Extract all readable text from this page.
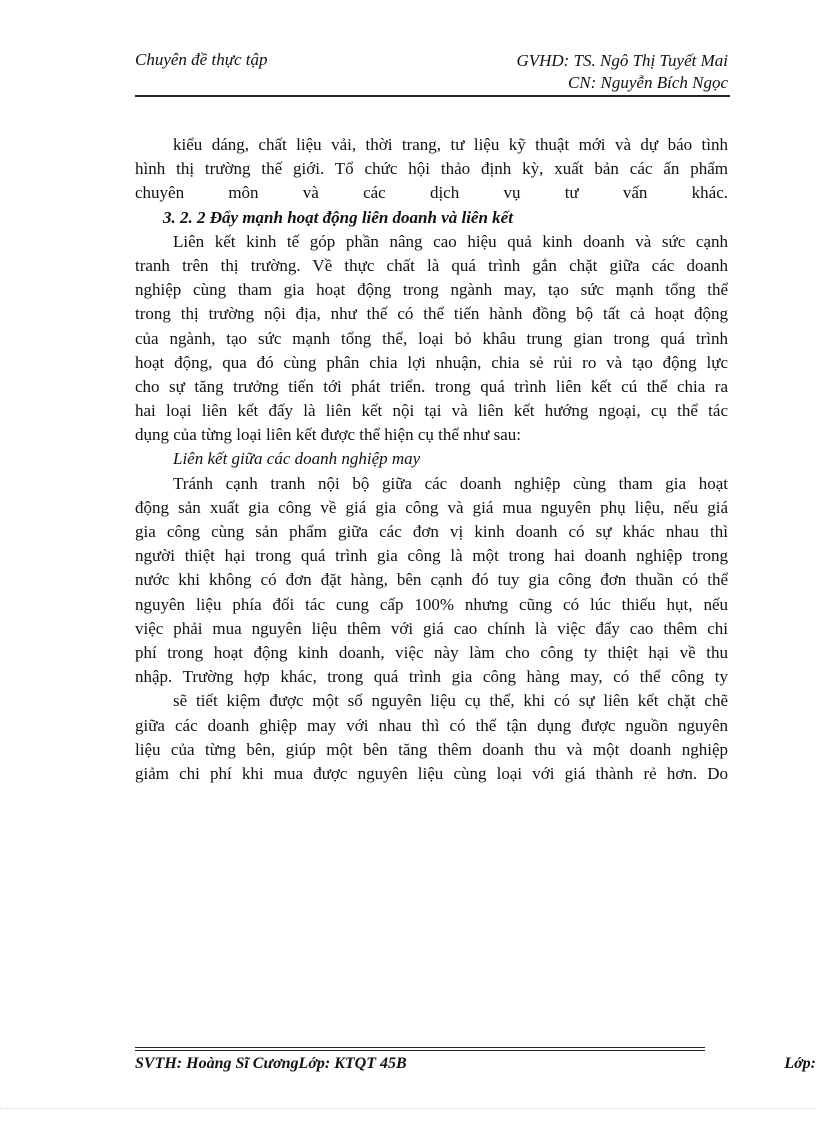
Chuyên đề thực tập	GVHD: TS. Ngô Thị Tuyết Mai
CN: Nguyễn Bích Ngọc
kiểu dáng, chất liệu vải, thời trang, tư liệu kỹ thuật mới và dự báo tình
hình thị trường thế giới. Tổ chức hội thảo định kỳ, xuất bản các ấn phẩm
chuyên môn và các dịch vụ tư vấn khác.
3. 2. 2 Đẩy mạnh hoạt động liên doanh và liên kết
Liên kết kinh tế góp phần nâng cao hiệu quả kinh doanh và sức cạnh
tranh trên thị trường. Về thực chất là quá trình gắn chặt giữa các doanh
nghiệp cùng tham gia hoạt động trong ngành may, tạo sức mạnh tổng thể
trong thị trường nội địa, như thế có thể tiến hành đồng bộ tất cả hoạt động
của ngành, tạo sức mạnh tổng thể, loại bỏ khâu trung gian trong quá trình
hoạt động, qua đó cùng phân chia lợi nhuận, chia sẻ rủi ro và tạo động lực
cho sự tăng trưởng tiến tới phát triển. trong quá trình liên kết cú thể chia ra
hai loại liên kết đấy là liên kết nội tại và liên kết hướng ngoại, cụ thể tác
dụng của từng loại liên kết được thể hiện cụ thể như sau:
Liên kết giữa các doanh nghiệp may
Tránh cạnh tranh nội bộ giữa các doanh nghiệp cùng tham gia hoạt
động sản xuất gia công về giá gia công và giá mua nguyên phụ liệu, nếu giá
gia công cùng sản phẩm giữa các đơn vị kinh doanh có sự khác nhau thì
người thiệt hại trong quá trình gia công là một trong hai doanh nghiệp trong
nước khi không có đơn đặt hàng, bên cạnh đó tuy gia công đơn thuần có thể
nguyên liệu phía đối tác cung cấp 100% nhưng cũng có lúc thiếu hụt, nếu
việc phải mua nguyên liệu thêm với giá cao chính là việc đẩy cao thêm chi
phí trong hoạt động kinh doanh, việc này làm cho công ty thiệt hại về thu
nhập. Trường hợp khác, trong quá trình gia công hàng may, có thể công ty
sẽ tiết kiệm được một số nguyên liệu cụ thể, khi có sự liên kết chặt chẽ
giữa các doanh ghiệp may với nhau thì có thể tận dụng được nguồn nguyên
liệu của từng bên, giúp một bên tăng thêm doanh thu và một doanh nghiệp
giảm chi phí khi mua được nguyên liệu cùng loại với giá thành rẻ hơn. Do
SVTH: Hoàng Sĩ CươngLớp: KTQT 45B	Lớp:
